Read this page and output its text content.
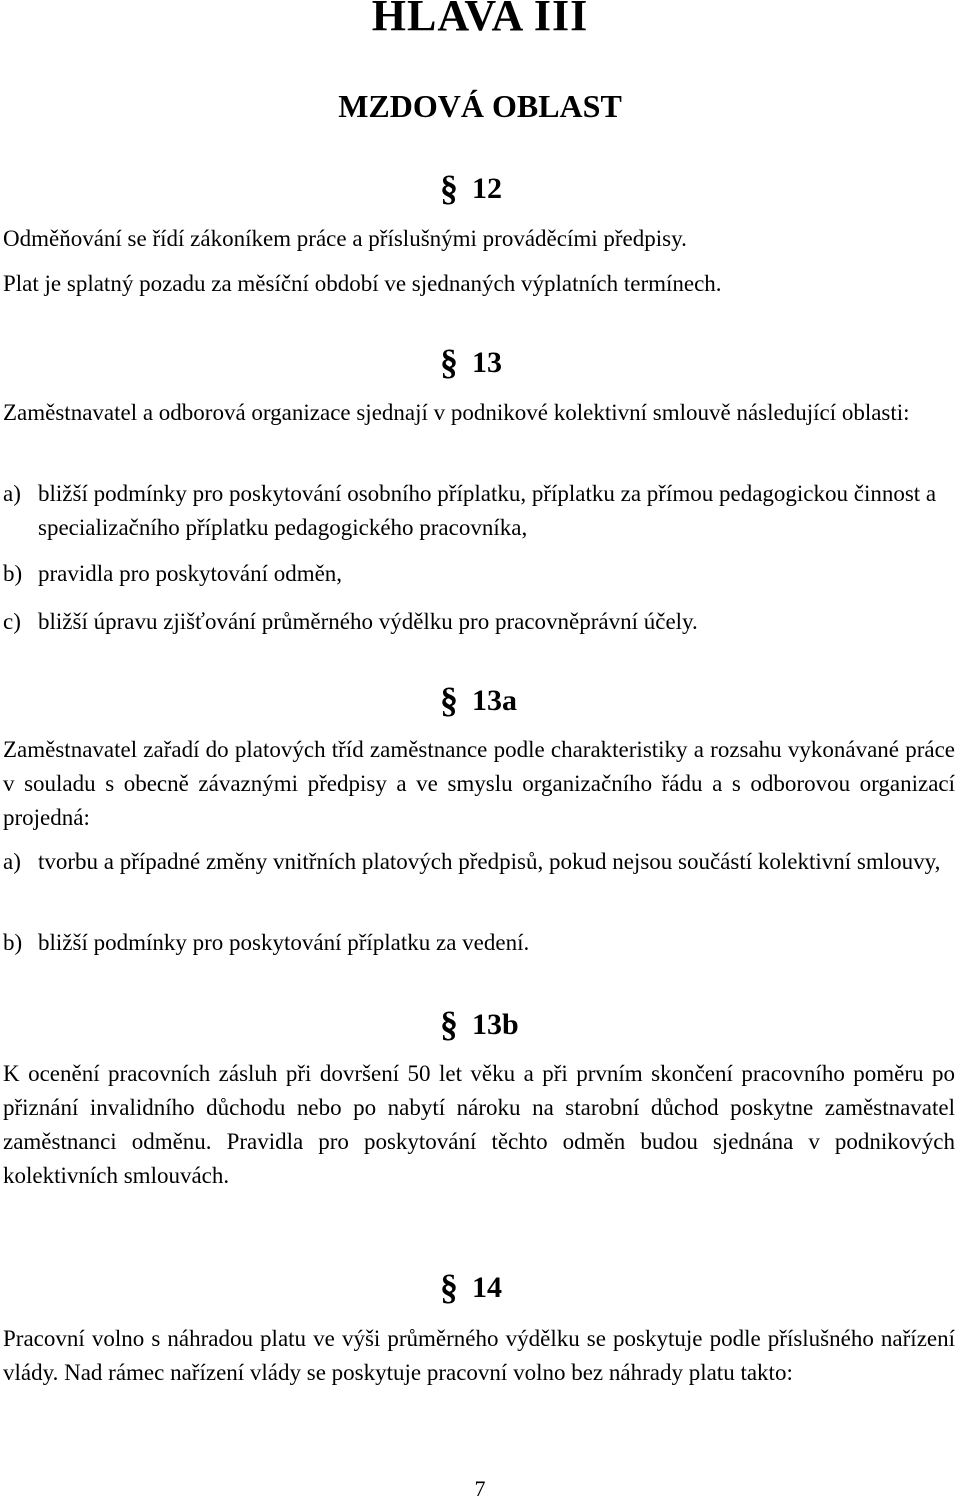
HLAVA III
MZDOVÁ OBLAST
§ 12

Odměňování se řídí zákoníkem práce a příslušnými prováděcími předpisy.

Plat je splatný pozadu za měsíční období ve sjednaných výplatních termínech.

§ 13

Zaměstnavatel a odborová organizace sjednají v podnikové kolektivní smlouvě následující oblasti:

a) bližší podmínky pro poskytování osobního příplatku, příplatku za přímou pedagogickou činnost a specializačního příplatku pedagogického pracovníka,

b) pravidla pro poskytování odměn,

c) bližší úpravu zjišťování průměrného výdělku pro pracovněprávní účely.

§ 13a

Zaměstnavatel zařadí do platových tříd zaměstnance podle charakteristiky a rozsahu vykonávané práce v souladu s obecně závaznými předpisy a ve smyslu organizačního řádu a s odborovou organizací projedná:

a) tvorbu a případné změny vnitřních platových předpisů, pokud nejsou součástí kolektivní smlouvy,

b) bližší podmínky pro poskytování příplatku za vedení.

§ 13b

K ocenění pracovních zásluh při dovršení 50 let věku a při prvním skončení pracovního poměru po přiznání invalidního důchodu nebo po nabytí nároku na starobní důchod poskytne zaměstnavatel zaměstnanci odměnu. Pravidla pro poskytování těchto odměn budou sjednána v podnikových kolektivních smlouvách.

§ 14

Pracovní volno s náhradou platu ve výši průměrného výdělku se poskytuje podle příslušného nařízení vlády. Nad rámec nařízení vlády se poskytuje pracovní volno bez náhrady platu takto:

7
